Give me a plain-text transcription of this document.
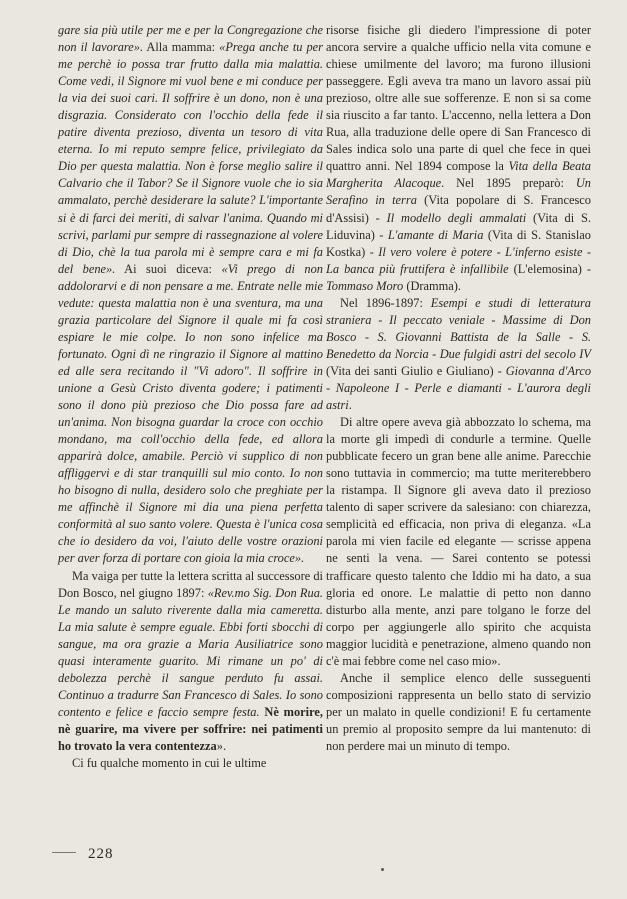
gare sia più utile per me e per la Congregazione che non il lavorare». Alla mamma: «Prega anche tu per me perchè io possa trar frutto dalla mia malattia. Come vedi, il Signore mi vuol bene e mi conduce per la via dei suoi cari. Il soffrire è un dono, non è una disgrazia. Considerato con l'occhio della fede il patire diventa prezioso, diventa un tesoro di vita eterna. Io mi reputo sempre felice, privilegiato da Dio per questa malattia. Non è forse meglio salire il Calvario che il Tabor? Se il Signore vuole che io sia ammalato, perchè desiderare la salute? L'importante si è di farci dei meriti, di salvar l'anima. Quando mi scrivi, parlami pur sempre di rassegnazione al volere di Dio, chè la tua parola mi è sempre cara e mi fa del bene». Ai suoi diceva: «Vi prego di non addolorarvi e di non pensare a me. Entrate nelle mie vedute: questa malattia non è una sventura, ma una grazia particolare del Signore il quale mi fa così espiare le mie colpe. Io non sono infelice ma fortunato. Ogni dì ne ringrazio il Signore al mattino ed alle sera recitando il "Vi adoro". Il soffrire in unione a Gesù Cristo diventa godere; i patimenti sono il dono più prezioso che Dio possa fare ad un'anima. Non bisogna guardar la croce con occhio mondano, ma coll'occhio della fede, ed allora apparirà dolce, amabile. Perciò vi supplico di non affliggervi e di star tranquilli sul mio conto. Io non ho bisogno di nulla, desidero solo che preghiate per me affinchè il Signore mi dia una piena perfetta conformità al suo santo volere. Questa è l'unica cosa che io desidero da voi, l'aiuto delle vostre orazioni per aver forza di portare con gioia la mia croce».

Ma vaiga per tutte la lettera scritta al successore di Don Bosco, nel giugno 1897: «Rev.mo Sig. Don Rua. Le mando un saluto riverente dalla mia cameretta. La mia salute è sempre eguale. Ebbi forti sbocchi di sangue, ma ora grazie a Maria Ausiliatrice sono quasi interamente guarito. Mi rimane un po' di debolezza perchè il sangue perduto fu assai. Continuo a tradurre San Francesco di Sales. Io sono contento e felice e faccio sempre festa. Nè morire, nè guarire, ma vivere per soffrire: nei patimenti ho trovato la vera contentezza».

Ci fu qualche momento in cui le ultime

risorse fisiche gli diedero l'impressione di poter ancora servire a qualche ufficio nella vita comune e chiese umilmente del lavoro; ma furono illusioni passeggere. Egli aveva tra mano un lavoro assai più prezioso, oltre alle sue sofferenze. E non si sa come sia riuscito a far tanto. L'accenno, nella lettera a Don Rua, alla traduzione delle opere di San Francesco di Sales indica solo una parte di quel che fece in quei quattro anni. Nel 1894 compose la Vita della Beata Margherita Alacoque. Nel 1895 preparò: Un Serafino in terra (Vita popolare di S. Francesco d'Assisi) - Il modello degli ammalati (Vita di S. Liduvina) - L'amante di Maria (Vita di S. Stanislao Kostka) - Il vero volere è potere - L'inferno esiste - La banca più fruttifera è infallibile (L'elemosina) - Tommaso Moro (Dramma).

Nel 1896-1897: Esempi e studi di letteratura straniera - Il peccato veniale - Massime di Don Bosco - S. Giovanni Battista de la Salle - S. Benedetto da Norcia - Due fulgidi astri del secolo IV (Vita dei santi Giulio e Giuliano) - Giovanna d'Arco - Napoleone I - Perle e diamanti - L'aurora degli astri.

Di altre opere aveva già abbozzato lo schema, ma la morte gli impedì di condurle a termine. Quelle pubblicate fecero un gran bene alle anime. Parecchie sono tuttavia in commercio; ma tutte meriterebbero la ristampa. Il Signore gli aveva dato il prezioso talento di saper scrivere da salesiano: con chiarezza, semplicità ed efficacia, non priva di eleganza. «La parola mi vien facile ed elegante — scrisse appena ne senti la vena. — Sarei contento se potessi trafficare questo talento che Iddio mi ha dato, a sua gloria ed onore. Le malattie di petto non danno disturbo alla mente, anzi pare tolgano le forze del corpo per aggiungerle allo spirito che acquista maggior lucidità e penetrazione, almeno quando non c'è mai febbre come nel caso mio».

Anche il semplice elenco delle susseguenti composizioni rappresenta un bello stato di servizio per un malato in quelle condizioni! E fu certamente un premio al proposito sempre da lui mantenuto: di non perdere mai un minuto di tempo.

228
